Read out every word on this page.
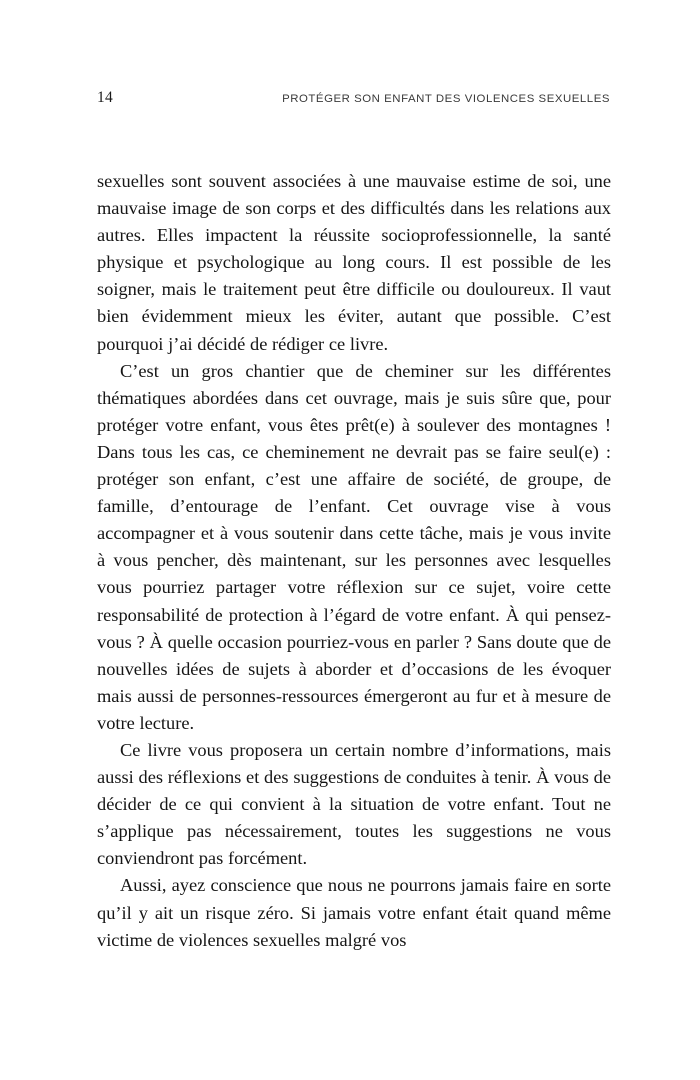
14	PROTÉGER SON ENFANT DES VIOLENCES SEXUELLES

sexuelles sont souvent associées à une mauvaise estime de soi, une mauvaise image de son corps et des difficultés dans les relations aux autres. Elles impactent la réussite socioprofessionnelle, la santé physique et psychologique au long cours. Il est possible de les soigner, mais le traitement peut être difficile ou douloureux. Il vaut bien évidemment mieux les éviter, autant que possible. C’est pourquoi j’ai décidé de rédiger ce livre.

C’est un gros chantier que de cheminer sur les différentes thématiques abordées dans cet ouvrage, mais je suis sûre que, pour protéger votre enfant, vous êtes prêt(e) à soulever des montagnes ! Dans tous les cas, ce cheminement ne devrait pas se faire seul(e) : protéger son enfant, c’est une affaire de société, de groupe, de famille, d’entourage de l’enfant. Cet ouvrage vise à vous accompagner et à vous soutenir dans cette tâche, mais je vous invite à vous pencher, dès maintenant, sur les personnes avec lesquelles vous pourriez partager votre réflexion sur ce sujet, voire cette responsabilité de protection à l’égard de votre enfant. À qui pensez-vous ? À quelle occasion pourriez-vous en parler ? Sans doute que de nouvelles idées de sujets à aborder et d’occasions de les évoquer mais aussi de personnes-ressources émergeront au fur et à mesure de votre lecture.

Ce livre vous proposera un certain nombre d’informations, mais aussi des réflexions et des suggestions de conduites à tenir. À vous de décider de ce qui convient à la situation de votre enfant. Tout ne s’applique pas nécessairement, toutes les suggestions ne vous conviendront pas forcément.

Aussi, ayez conscience que nous ne pourrons jamais faire en sorte qu’il y ait un risque zéro. Si jamais votre enfant était quand même victime de violences sexuelles malgré vos
